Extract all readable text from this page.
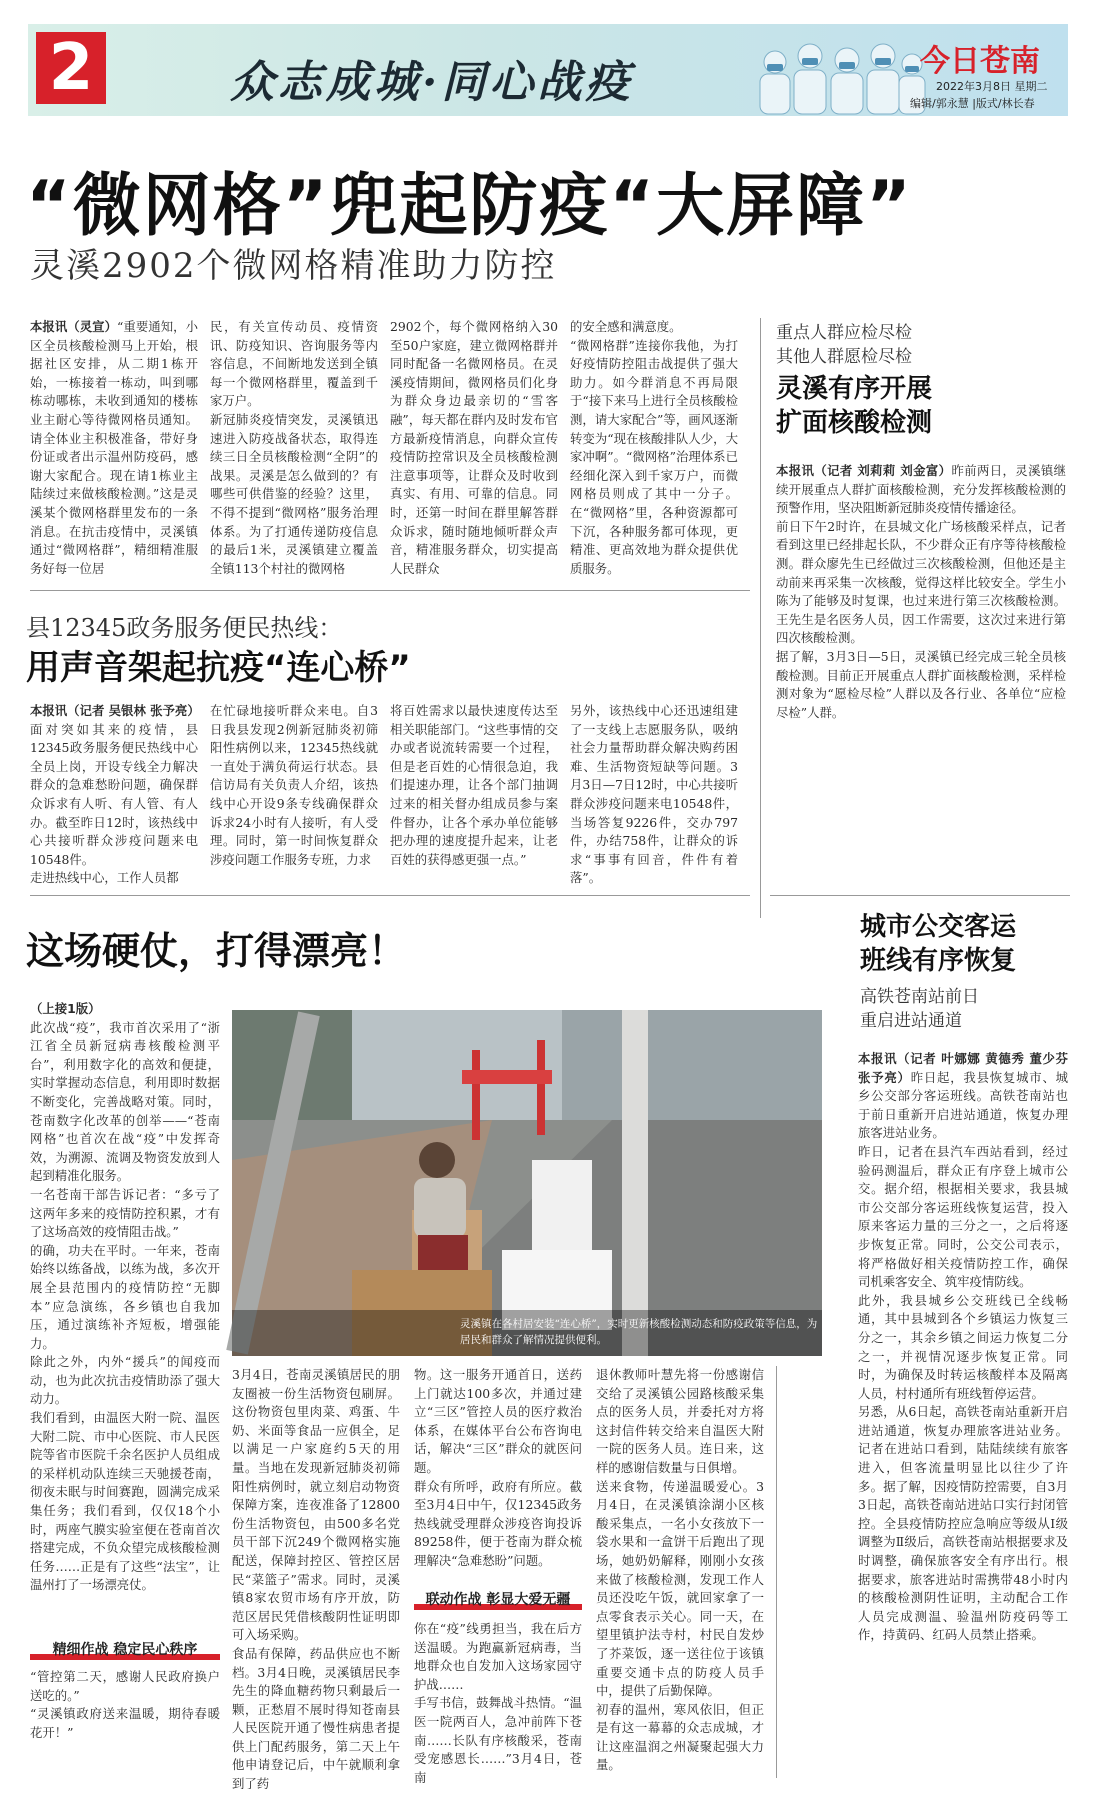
2	众志成城·同心战疫	今日苍南
2022年3月8日 星期二
编辑/郭永慧 |版式/林长春
“微网格”兜起防疫“大屏障”
灵溪2902个微网格精准助力防控
本报讯（灵宣）“重要通知，小区全员核酸检测马上开始，根据社区安排，从二期1栋开始，一栋接着一栋动，叫到哪栋动哪栋，未收到通知的楼栋业主耐心等待微网格员通知。请全体业主积极准备，带好身份证或者出示温州防疫码，感谢大家配合。现在请1栋业主陆续过来做核酸检测。”这是灵溪某个微网格群里发布的一条消息。在抗击疫情中，灵溪镇通过“微网格群”，精细精准服务好每一位居
民，有关宣传动员、疫情资讯、防疫知识、咨询服务等内容信息，不间断地发送到全镇每一个微网格群里，覆盖到千家万户。
新冠肺炎疫情突发，灵溪镇迅速进入防疫战备状态，取得连续三日全员核酸检测“全阴”的战果。灵溪是怎么做到的？有哪些可供借鉴的经验？这里，不得不提到“微网格”服务治理体系。为了打通传递防疫信息的最后1米，灵溪镇建立覆盖全镇113个村社的微网格
2902个，每个微网格纳入30至50户家庭，建立微网格群并同时配备一名微网格员。在灵溪疫情期间，微网格员们化身为群众身边最亲切的“雪客融”，每天都在群内及时发布官方最新疫情消息，向群众宣传疫情防控常识及全员核酸检测注意事项等，让群众及时收到真实、有用、可靠的信息。同时，还第一时间在群里解答群众诉求，随时随地倾听群众声音，精准服务群众，切实提高人民群众
的安全感和满意度。
“微网格群”连接你我他，为打好疫情防控阻击战提供了强大助力。如今群消息不再局限于“接下来马上进行全员核酸检测，请大家配合”等，画风逐渐转变为“现在核酸排队人少，大家冲啊”。“微网格”治理体系已经细化深入到千家万户，而微网格员则成了其中一分子。在“微网格”里，各种资源都可下沉，各种服务都可体现，更精准、更高效地为群众提供优质服务。
重点人群应检尽检
其他人群愿检尽检
灵溪有序开展
扩面核酸检测
本报讯（记者 刘莉莉 刘金富）昨前两日，灵溪镇继续开展重点人群扩面核酸检测，充分发挥核酸检测的预警作用，坚决阻断新冠肺炎疫情传播途径。
前日下午2时许，在县城文化广场核酸采样点，记者看到这里已经排起长队，不少群众正有序等待核酸检测。群众廖先生已经做过三次核酸检测，但他还是主动前来再采集一次核酸，觉得这样比较安全。学生小陈为了能够及时复课，也过来进行第三次核酸检测。王先生是名医务人员，因工作需要，这次过来进行第四次核酸检测。
据了解，3月3日—5日，灵溪镇已经完成三轮全员核酸检测。目前正开展重点人群扩面核酸检测，采样检测对象为“愿检尽检”人群以及各行业、各单位“应检尽检”人群。
县12345政务服务便民热线：
用声音架起抗疫“连心桥”
本报讯（记者 吴银林 张予亮）面对突如其来的疫情，县12345政务服务便民热线中心全员上岗，开设专线全力解决群众的急难愁盼问题，确保群众诉求有人听、有人管、有人办。截至昨日12时，该热线中心共接听群众涉疫问题来电10548件。
走进热线中心，工作人员都
在忙碌地接听群众来电。自3日我县发现2例新冠肺炎初筛阳性病例以来，12345热线就一直处于满负荷运行状态。县信访局有关负责人介绍，该热线中心开设9条专线确保群众诉求24小时有人接听，有人受理。同时，第一时间恢复群众涉疫问题工作服务专班，力求
将百姓需求以最快速度传达至相关职能部门。“这些事情的交办或者说流转需要一个过程，但是老百姓的心情很急迫，我们提速办理，让各个部门抽调过来的相关督办组成员参与案件督办，让各个承办单位能够把办理的速度提升起来，让老百姓的获得感更强一点。”
另外，该热线中心还迅速组建了一支线上志愿服务队，吸纳社会力量帮助群众解决购药困难、生活物资短缺等问题。3月3日—7日12时，中心共接听群众涉疫问题来电10548件，当场答复9226件，交办797件，办结758件，让群众的诉求“事事有回音，件件有着落”。
这场硬仗，打得漂亮！
（上接1版）
此次战“疫”，我市首次采用了“浙江省全员新冠病毒核酸检测平台”，利用数字化的高效和便捷，实时掌握动态信息，利用即时数据不断变化，完善战略对策。同时，苍南数字化改革的创举——“苍南网格”也首次在战“疫”中发挥奇效，为溯源、流调及物资发放到人起到精准化服务。
一名苍南干部告诉记者：“多亏了这两年多来的疫情防控积累，才有了这场高效的疫情阻击战。”
的确，功夫在平时。一年来，苍南始终以练备战，以练为战，多次开展全县范围内的疫情防控“无脚本”应急演练，各乡镇也自我加压，通过演练补齐短板，增强能力。
除此之外，内外“援兵”的闻疫而动，也为此次抗击疫情助添了强大动力。
我们看到，由温医大附一院、温医大附二院、市中心医院、市人民医院等省市医院千余名医护人员组成的采样机动队连续三天驰援苍南，彻夜未眠与时间赛跑，圆满完成采集任务；我们看到，仅仅18个小时，两座气膜实验室便在苍南首次搭建完成，不负众望完成核酸检测任务……正是有了这些“法宝”，让温州打了一场漂亮仗。
精细作战 稳定民心秩序
“管控第二天，感谢人民政府换户送吃的。”
“灵溪镇政府送来温暖，期待春暖花开！”
灵溪镇在各村居安装“连心桥”，实时更新核酸检测动态和防疫政策等信息，为居民和群众了解情况提供便利。
3月4日，苍南灵溪镇居民的朋友圈被一份生活物资包刷屏。这份物资包里肉菜、鸡蛋、牛奶、米面等食品一应俱全，足以满足一户家庭约5天的用量。当地在发现新冠肺炎初筛阳性病例时，就立刻启动物资保障方案，连夜准备了12800份生活物资包，由500多名党员干部下沉249个微网格实施配送，保障封控区、管控区居民“菜篮子”需求。同时，灵溪镇8家农贸市场有序开放，防范区居民凭借核酸阴性证明即可入场采购。
食品有保障，药品供应也不断档。3月4日晚，灵溪镇居民李先生的降血糖药物只剩最后一颗，正愁眉不展时得知苍南县人民医院开通了慢性病患者提供上门配药服务，第二天上午他申请登记后，中午就顺利拿到了药
物。这一服务开通首日，送药上门就达100多次，并通过建立“三区”管控人员的医疗救治体系，在媒体平台公布咨询电话，解决“三区”群众的就医问题。
群众有所呼，政府有所应。截至3月4日中午，仅12345政务热线就受理群众涉疫咨询投诉89258件，便于苍南为群众梳理解决“急难愁盼”问题。
联动作战 彰显大爱无疆
你在“疫”线勇担当，我在后方送温暖。为跑赢新冠病毒，当地群众也自发加入这场家园守护战……
手写书信，鼓舞战斗热情。“温医一院两百人，急冲前阵下苍南……长队有序核酸采，苍南受宠感恩长……”3月4日，苍南
退休教师叶慧先将一份感谢信交给了灵溪镇公园路核酸采集点的医务人员，并委托对方将这封信件转交给来自温医大附一院的医务人员。连日来，这样的感谢信数量与日俱增。
送来食物，传递温暖爱心。3月4日，在灵溪镇涂湖小区核酸采集点，一名小女孩放下一袋水果和一盒饼干后跑出了现场，她奶奶解释，刚刚小女孩来做了核酸检测，发现工作人员还没吃午饭，就回家拿了一点零食表示关心。同一天，在望里镇护法寺村，村民自发炒了芥菜饭，逐一送往位于该镇重要交通卡点的防疫人员手中，提供了后勤保障。
初春的温州，寒风依旧，但正是有这一幕幕的众志成城，才让这座温润之州凝聚起强大力量。
城市公交客运
班线有序恢复
高铁苍南站前日
重启进站通道
本报讯（记者 叶娜娜 黄德秀 董少芬 张予亮）昨日起，我县恢复城市、城乡公交部分客运班线。高铁苍南站也于前日重新开启进站通道，恢复办理旅客进站业务。
昨日，记者在县汽车西站看到，经过验码测温后，群众正有序登上城市公交。据介绍，根据相关要求，我县城市公交部分客运班线恢复运营，投入原来客运力量的三分之一，之后将逐步恢复正常。同时，公交公司表示，将严格做好相关疫情防控工作，确保司机乘客安全、筑牢疫情防线。
此外，我县城乡公交班线已全线畅通，其中县城到各个乡镇运力恢复三分之一，其余乡镇之间运力恢复二分之一，并视情况逐步恢复正常。同时，为确保及时转运核酸样本及隔离人员，村村通所有班线暂停运营。
另悉，从6日起，高铁苍南站重新开启进站通道，恢复办理旅客进站业务。记者在进站口看到，陆陆续续有旅客进入，但客流量明显比以往少了许多。据了解，因疫情防控需要，自3月3日起，高铁苍南站进站口实行封闭管控。全县疫情防控应急响应等级从Ⅰ级调整为Ⅱ级后，高铁苍南站根据要求及时调整，确保旅客安全有序出行。根据要求，旅客进站时需携带48小时内的核酸检测阴性证明，主动配合工作人员完成测温、验温州防疫码等工作，持黄码、红码人员禁止搭乘。
